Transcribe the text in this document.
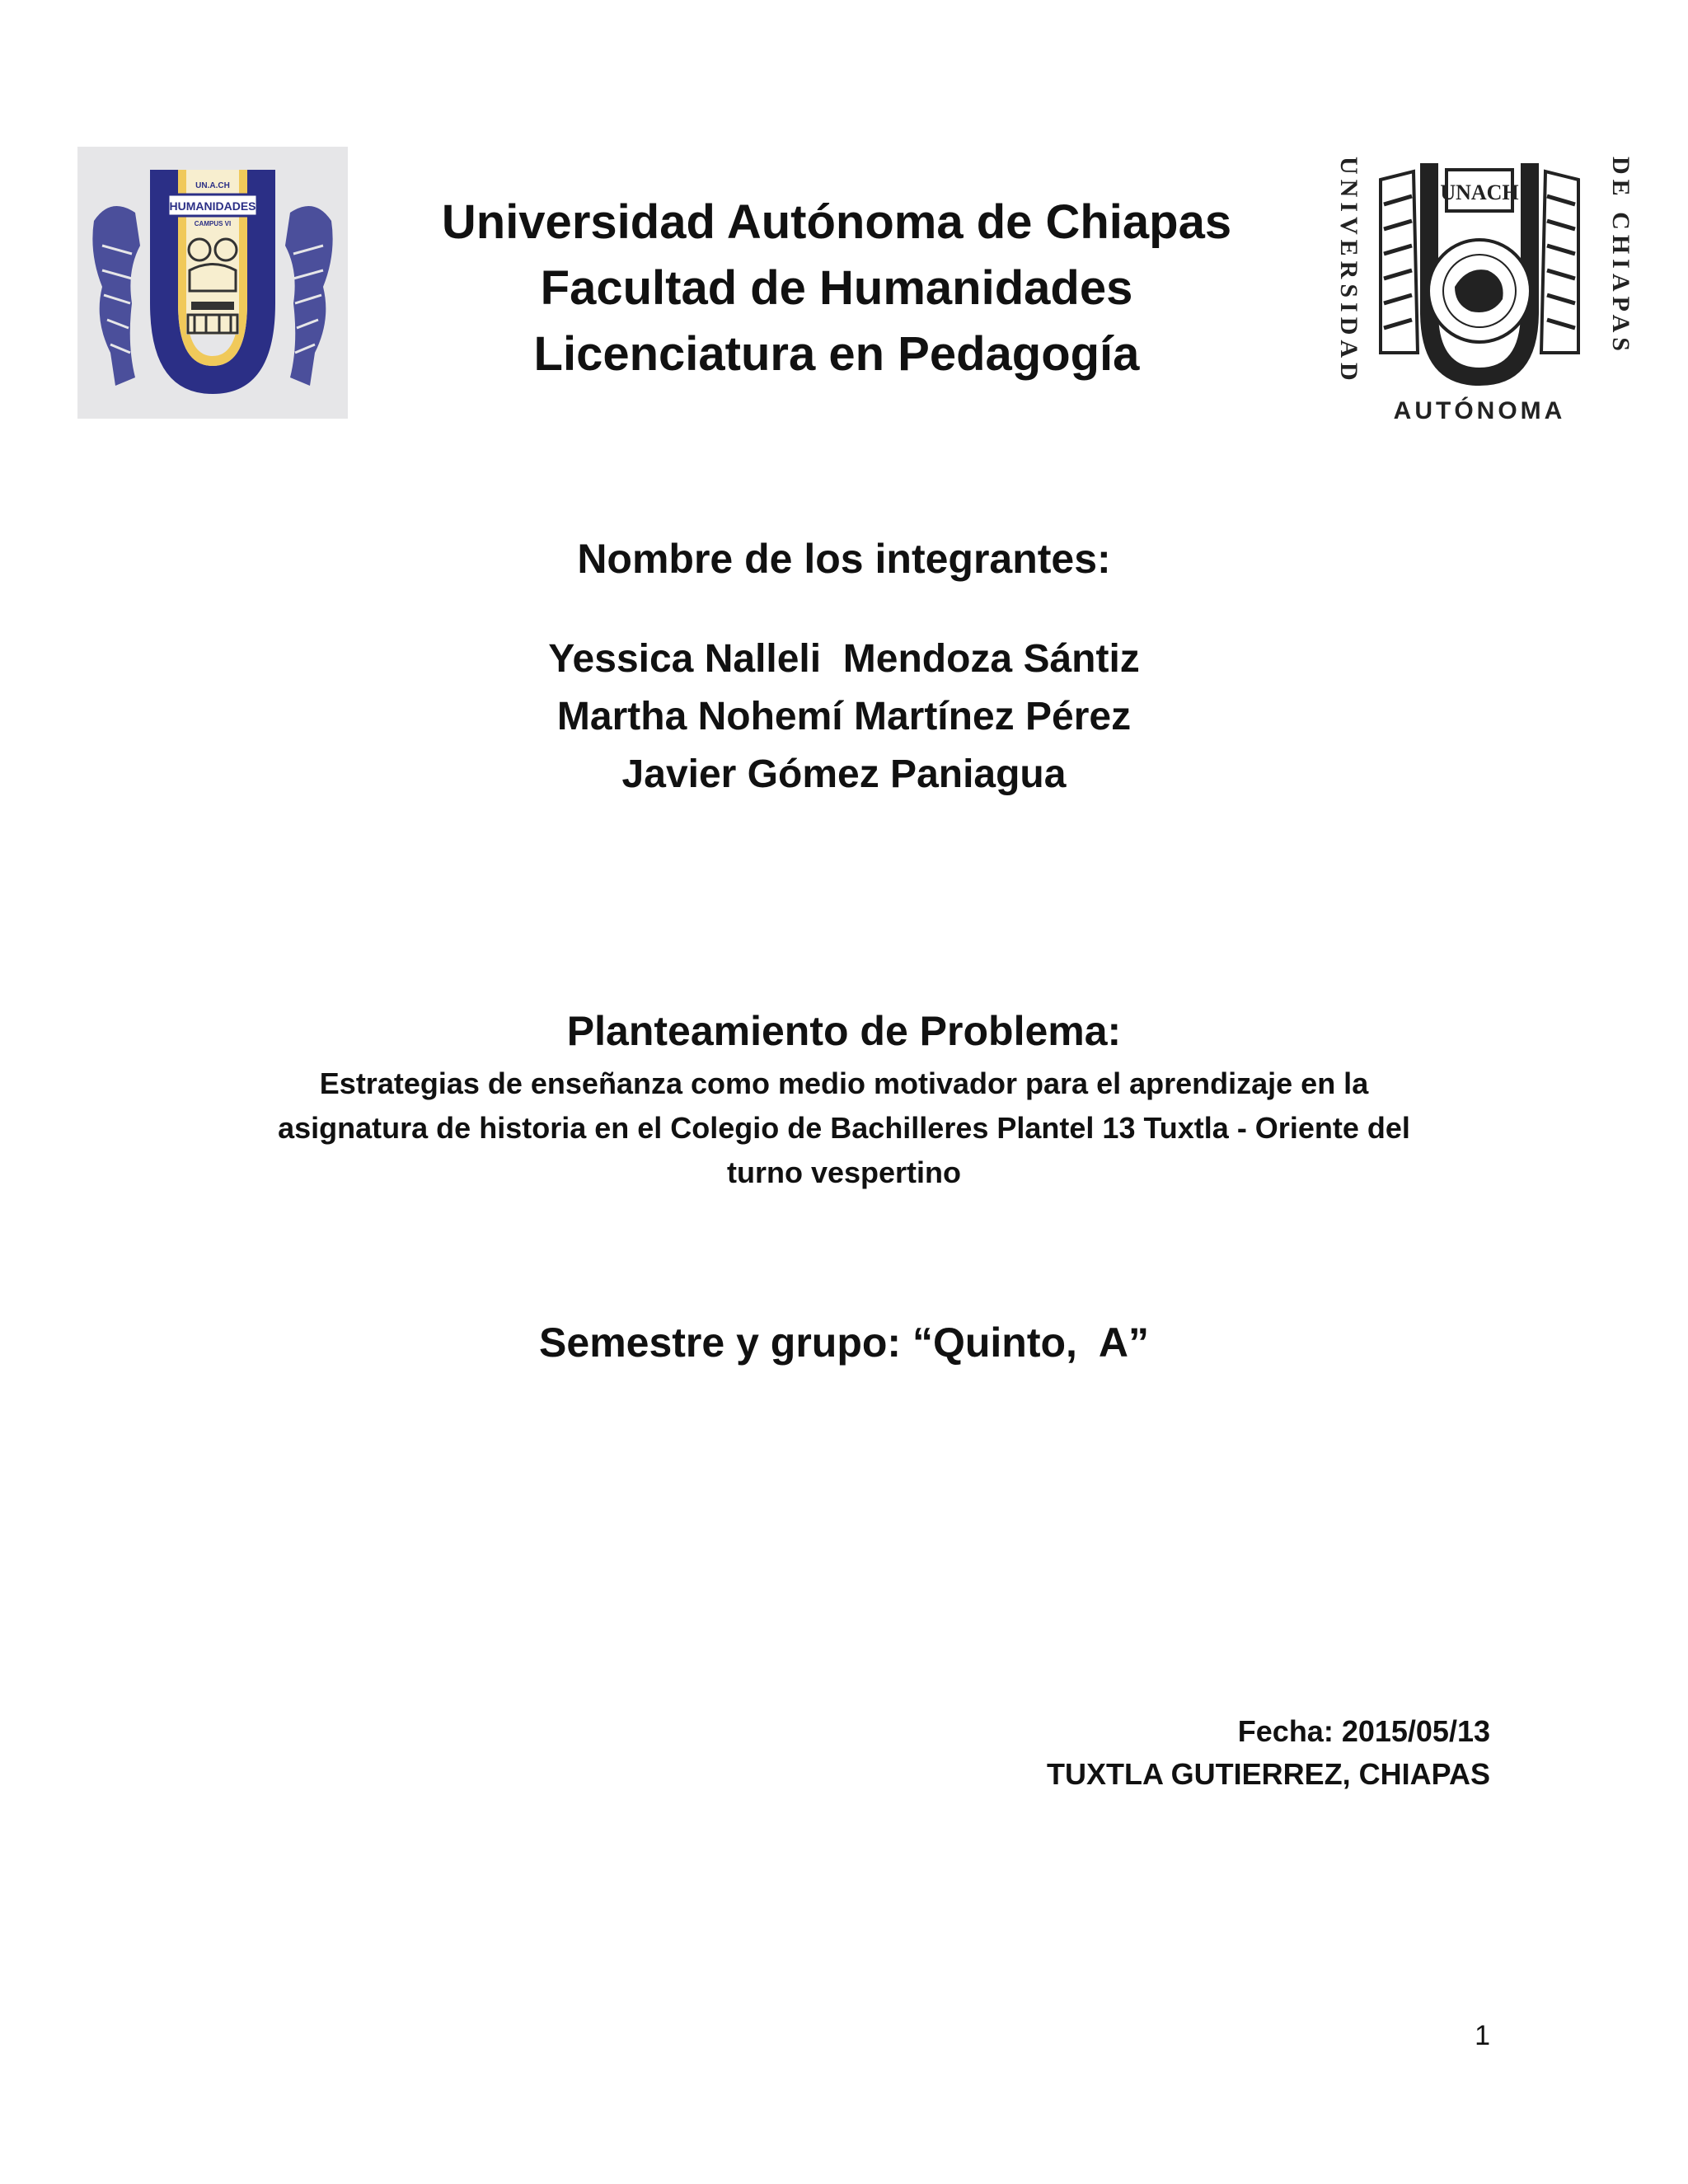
HUMANIDADES
UN.A.CH
CAMPUS VI	UNIVERSIDAD	DE CHIAPAS
UNACH
AUTÓNOMA
Universidad Autónoma de Chiapas
Facultad de Humanidades
Licenciatura en Pedagogía
Nombre de los integrantes:
Yessica Nalleli  Mendoza Sántiz
Martha Nohemí Martínez Pérez
Javier Gómez Paniagua
Planteamiento de Problema:
Estrategias de enseñanza como medio motivador para el aprendizaje en la
asignatura de historia en el Colegio de Bachilleres Plantel 13 Tuxtla - Oriente del
turno vespertino
Semestre y grupo: “Quinto,  A”
Fecha: 2015/05/13
TUXTLA GUTIERREZ, CHIAPAS
1
